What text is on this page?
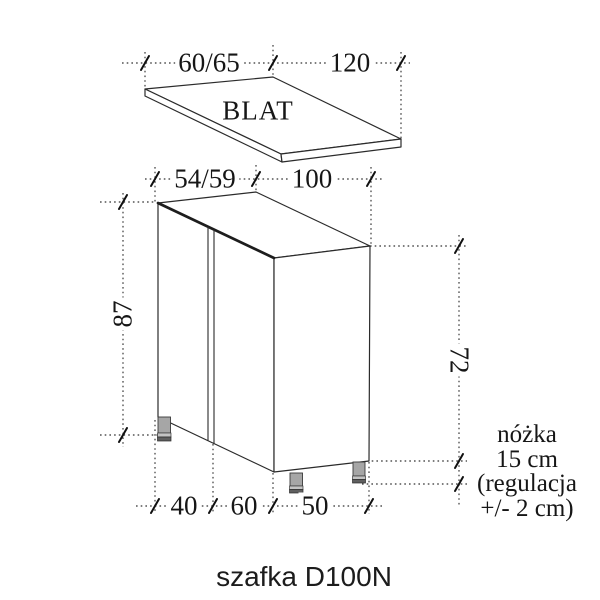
60/65	120
BLAT
54/59 100
87
72
40 60 50
nóżka
15 cm
(regulacja
+/- 2 cm)
szafka D100N
